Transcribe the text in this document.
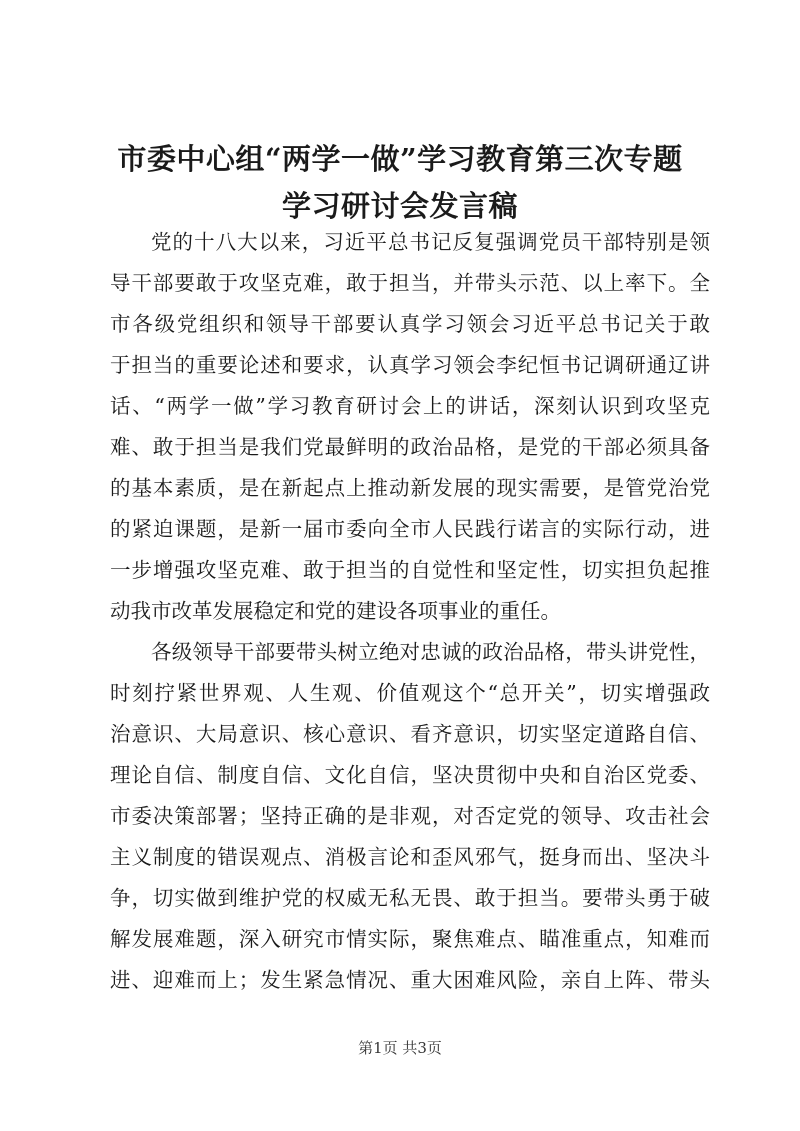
市委中心组“两学一做”学习教育第三次专题
学习研讨会发言稿

党的十八大以来，习近平总书记反复强调党员干部特别是领
导干部要敢于攻坚克难，敢于担当，并带头示范、以上率下。全
市各级党组织和领导干部要认真学习领会习近平总书记关于敢
于担当的重要论述和要求，认真学习领会李纪恒书记调研通辽讲
话、“两学一做”学习教育研讨会上的讲话，深刻认识到攻坚克
难、敢于担当是我们党最鲜明的政治品格，是党的干部必须具备
的基本素质，是在新起点上推动新发展的现实需要，是管党治党
的紧迫课题，是新一届市委向全市人民践行诺言的实际行动，进
一步增强攻坚克难、敢于担当的自觉性和坚定性，切实担负起推
动我市改革发展稳定和党的建设各项事业的重任。

各级领导干部要带头树立绝对忠诚的政治品格，带头讲党性，
时刻拧紧世界观、人生观、价值观这个“总开关”，切实增强政
治意识、大局意识、核心意识、看齐意识，切实坚定道路自信、
理论自信、制度自信、文化自信，坚决贯彻中央和自治区党委、
市委决策部署；坚持正确的是非观，对否定党的领导、攻击社会
主义制度的错误观点、消极言论和歪风邪气，挺身而出、坚决斗
争，切实做到维护党的权威无私无畏、敢于担当。要带头勇于破
解发展难题，深入研究市情实际，聚焦难点、瞄准重点，知难而
进、迎难而上；发生紧急情况、重大困难风险，亲自上阵、带头

第1页 共3页
